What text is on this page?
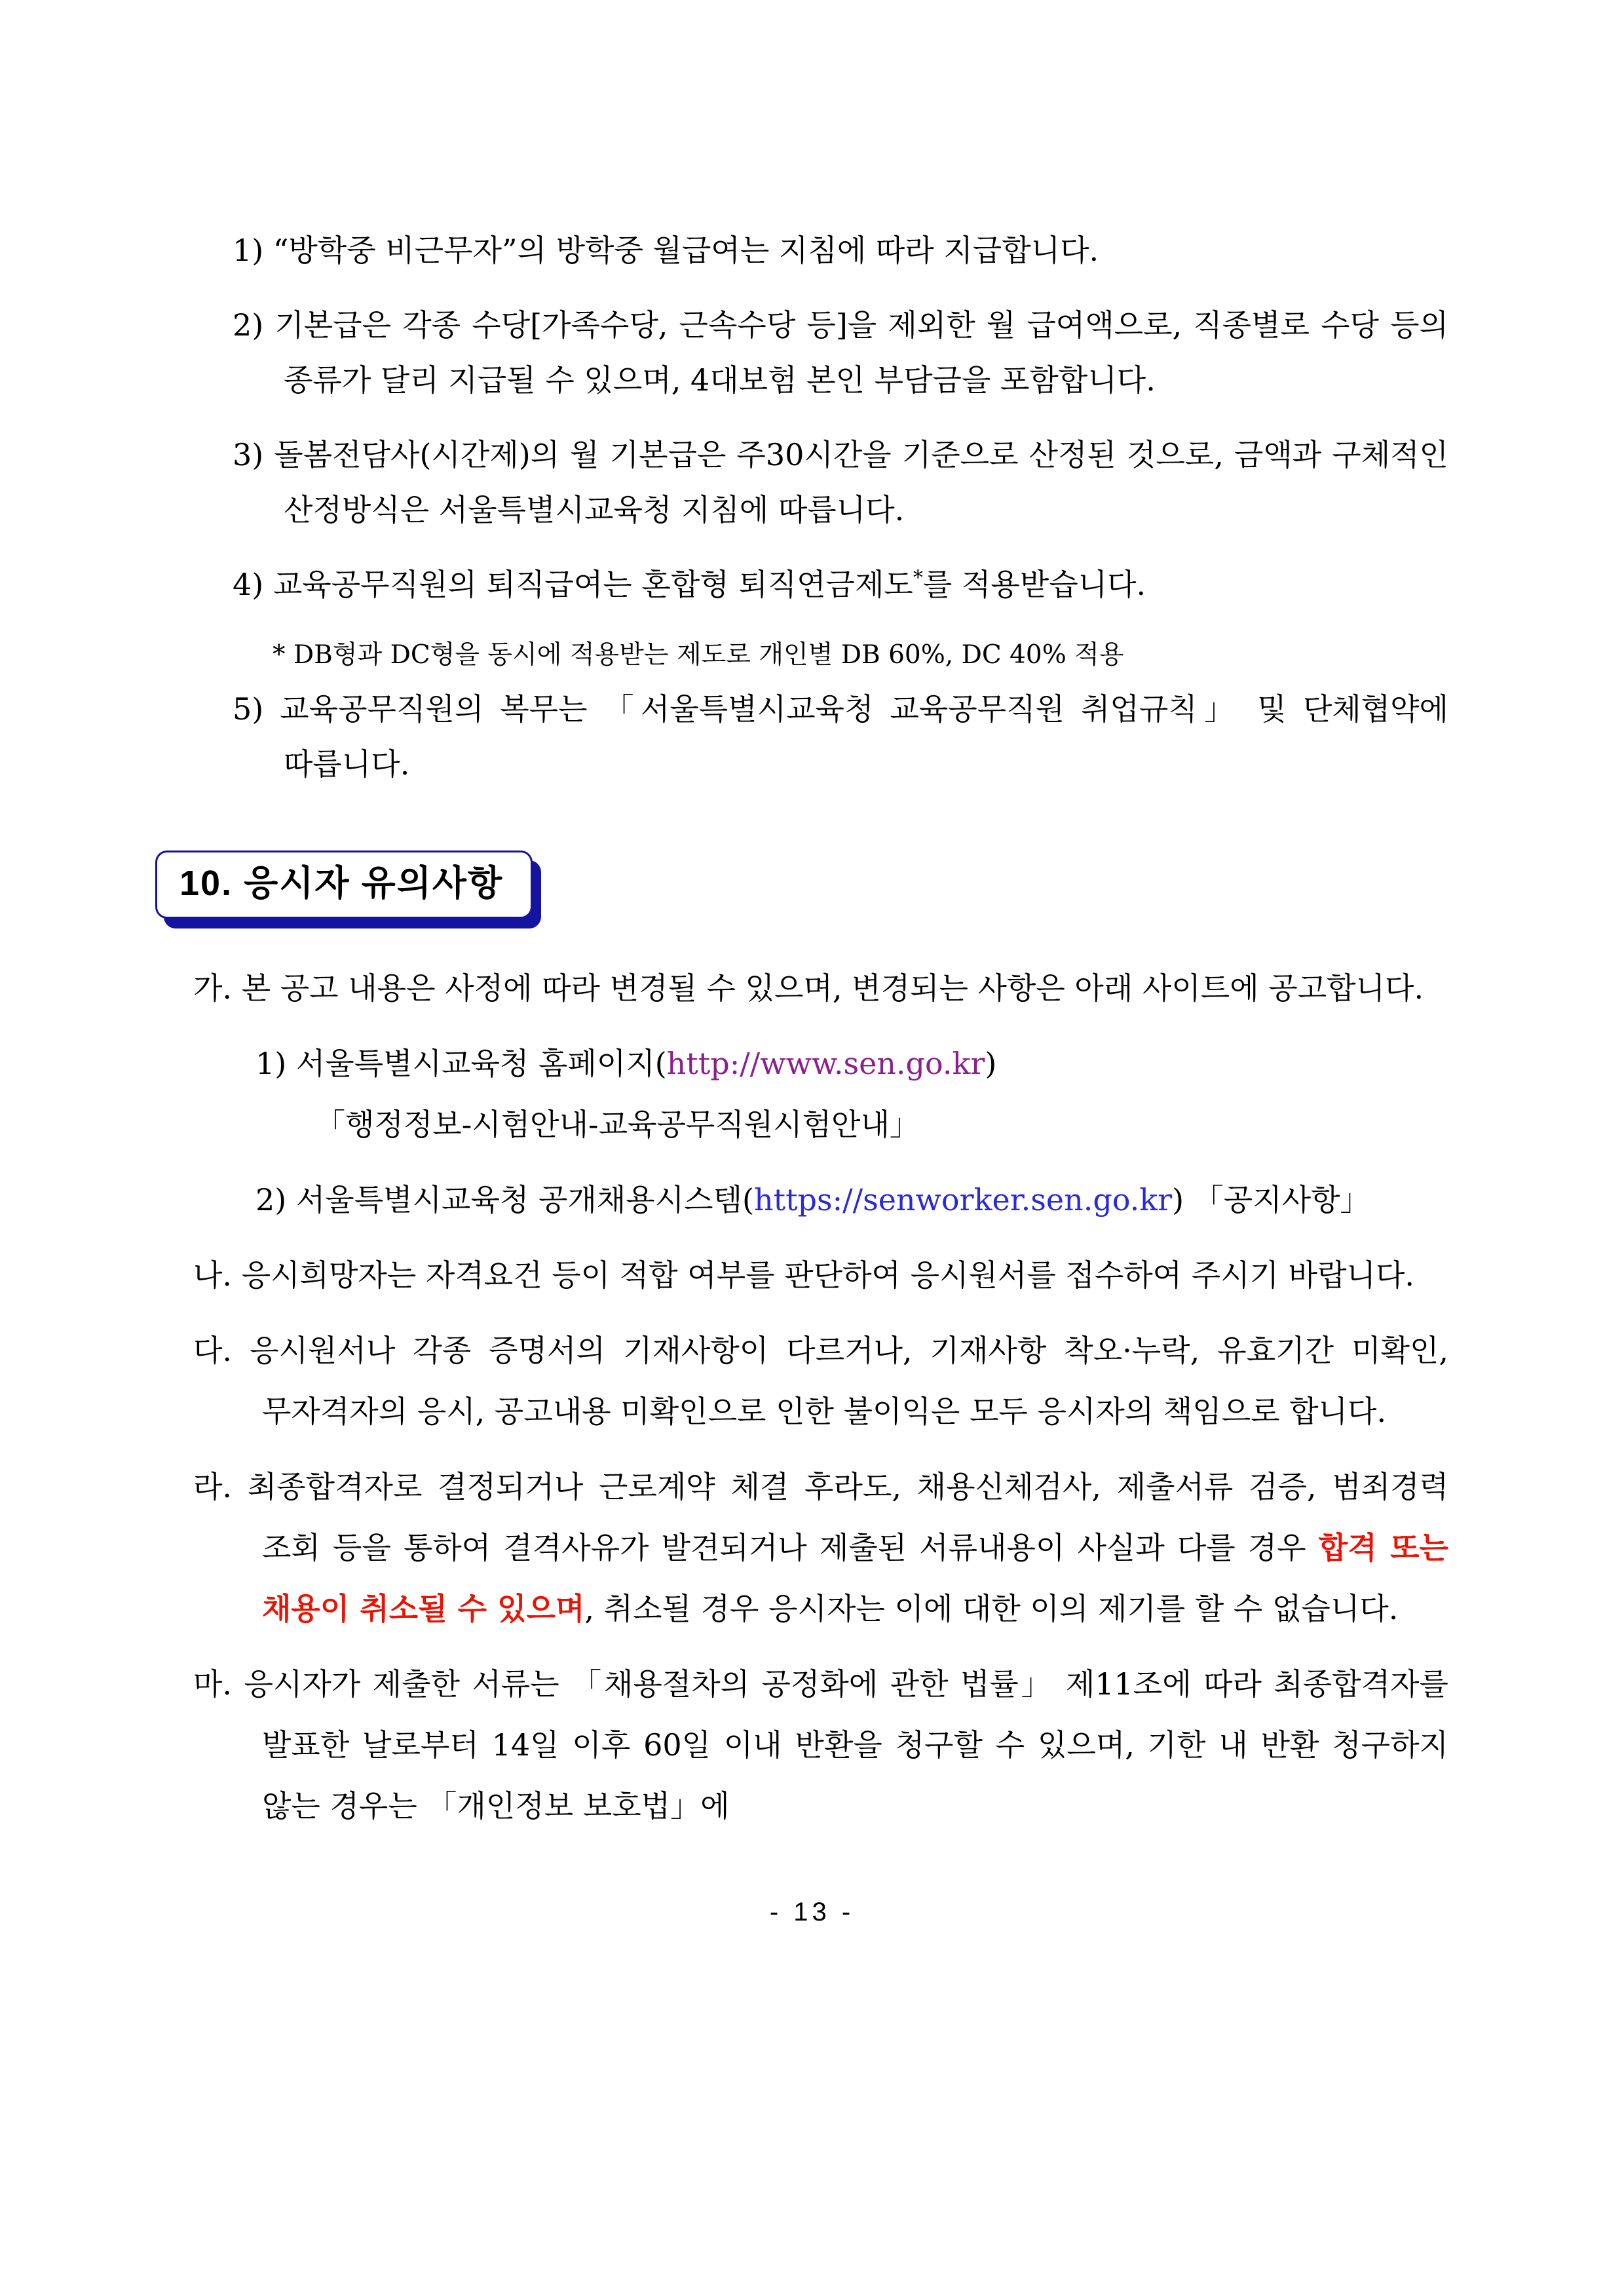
1) “방학중 비근무자”의 방학중 월급여는 지침에 따라 지급합니다.

2) 기본급은 각종 수당[가족수당, 근속수당 등]을 제외한 월 급여액으로, 직종별로 수당 등의 종류가 달리 지급될 수 있으며, 4대보험 본인 부담금을 포함합니다.

3) 돌봄전담사(시간제)의 월 기본급은 주30시간을 기준으로 산정된 것으로, 금액과 구체적인 산정방식은 서울특별시교육청 지침에 따릅니다.

4) 교육공무직원의 퇴직급여는 혼합형 퇴직연금제도*를 적용받습니다.

* DB형과 DC형을 동시에 적용받는 제도로 개인별 DB 60%, DC 40% 적용

5) 교육공무직원의 복무는 「서울특별시교육청 교육공무직원 취업규칙」 및 단체협약에 따릅니다.

10. 응시자 유의사항

가. 본 공고 내용은 사정에 따라 변경될 수 있으며, 변경되는 사항은 아래 사이트에 공고합니다.

1) 서울특별시교육청 홈페이지(http://www.sen.go.kr)
「행정정보-시험안내-교육공무직원시험안내」

2) 서울특별시교육청 공개채용시스템(https://senworker.sen.go.kr) 「공지사항」

나. 응시희망자는 자격요건 등이 적합 여부를 판단하여 응시원서를 접수하여 주시기 바랍니다.

다. 응시원서나 각종 증명서의 기재사항이 다르거나, 기재사항 착오·누락, 유효기간 미확인, 무자격자의 응시, 공고내용 미확인으로 인한 불이익은 모두 응시자의 책임으로 합니다.

라. 최종합격자로 결정되거나 근로계약 체결 후라도, 채용신체검사, 제출서류 검증, 범죄경력 조회 등을 통하여 결격사유가 발견되거나 제출된 서류내용이 사실과 다를 경우 합격 또는 채용이 취소될 수 있으며, 취소될 경우 응시자는 이에 대한 이의 제기를 할 수 없습니다.

마. 응시자가 제출한 서류는 「채용절차의 공정화에 관한 법률」 제11조에 따라 최종합격자를 발표한 날로부터 14일 이후 60일 이내 반환을 청구할 수 있으며, 기한 내 반환 청구하지 않는 경우는 「개인정보 보호법」에

- 13 -
